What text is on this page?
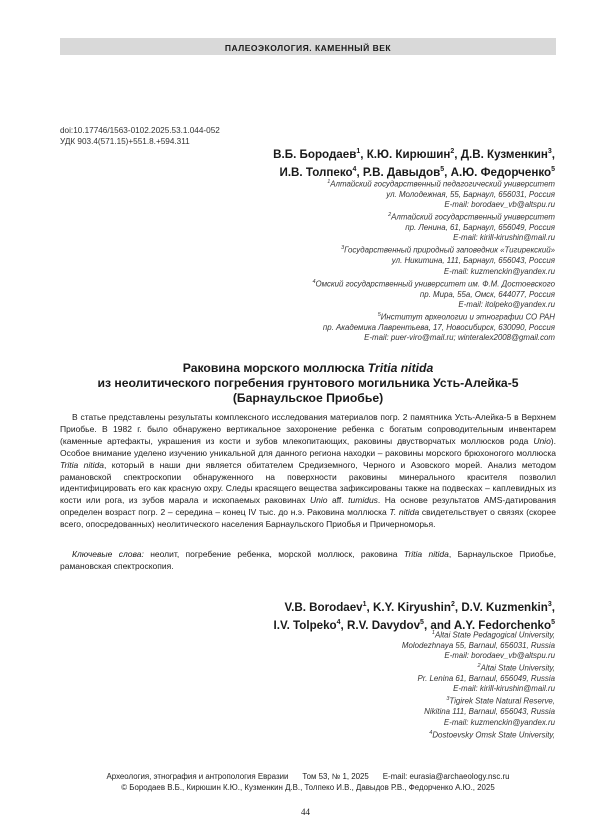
ПАЛЕОЭКОЛОГИЯ. КАМЕННЫЙ ВЕК
doi:10.17746/1563-0102.2025.53.1.044-052
УДК 903.4(571.15)+551.8.+594.311
В.Б. Бородаев$^1$, К.Ю. Кирюшин$^2$, Д.В. Кузменкин$^3$,
И.В. Толпеко$^4$, Р.В. Давыдов$^5$, А.Ю. Федорченко$^5$
$^1$Алтайский государственный педагогический университет
ул. Молодежная, 55, Барнаул, 656031, Россия
E-mail: borodaev_vb@altspu.ru
$^2$Алтайский государственный университет
пр. Ленина, 61, Барнаул, 656049, Россия
E-mail: kirill-kirushin@mail.ru
$^3$Государственный природный заповедник «Тигирекский»
ул. Никитина, 111, Барнаул, 656043, Россия
E-mail: kuzmenckin@yandex.ru
$^4$Омский государственный университет им. Ф.М. Достоевского
пр. Мира, 55а, Омск, 644077, Россия
E-mail: itolpeko@yandex.ru
$^5$Институт археологии и этнографии СО РАН
пр. Академика Лаврентьева, 17, Новосибирск, 630090, Россия
E-mail: puer-viro@mail.ru; winteralex2008@gmail.com
Раковина морского моллюска Tritia nitida
из неолитического погребения грунтового могильника Усть-Алейка-5
(Барнаульское Приобье)

В статье представлены результаты комплексного исследования материалов погр. 2 памятника Усть-Алейка-5 в Верхнем Приобье. В 1982 г. было обнаружено вертикальное захоронение ребенка с богатым сопроводительным инвентарем (каменные артефакты, украшения из кости и зубов млекопитающих, раковины двустворчатых моллюсков рода Unio). Особое внимание уделено изучению уникальной для данного региона находки – раковины морского брюхоногого моллюска Tritia nitida, который в наши дни является обитателем Средиземного, Черного и Азовского морей. Анализ методом рамановской спектроскопии обнаруженного на поверхности раковины минерального красителя позволил идентифицировать его как красную охру. Следы красящего вещества зафиксированы также на подвесках – каплевидных из кости или рога, из зубов марала и ископаемых раковинах Unio aff. tumidus. На основе результатов AMS-датирования определен возраст погр. 2 – середина – конец IV тыс. до н.э. Раковина моллюска T. nitida свидетельствует о связях (скорее всего, опосредованных) неолитического населения Барнаульского Приобья и Причерноморья.

Ключевые слова: неолит, погребение ребенка, морской моллюск, раковина Tritia nitida, Барнаульское Приобье, рамановская спектроскопия.

V.B. Borodaev$^1$, K.Y. Kiryushin$^2$, D.V. Kuzmenkin$^3$,
I.V. Tolpeko$^4$, R.V. Davydov$^5$, and A.Y. Fedorchenko$^5$
$^1$Altai State Pedagogical University,
Molodezhnaya 55, Barnaul, 656031, Russia
E-mail: borodaev_vb@altspu.ru
$^2$Altai State University,
Pr. Lenina 61, Barnaul, 656049, Russia
E-mail: kirill-kirushin@mail.ru
$^3$Tigirek State Natural Reserve,
Nikitina 111, Barnaul, 656043, Russia
E-mail: kuzmenckin@yandex.ru
$^4$Dostoevsky Omsk State University,
Археология, этнография и антропология Евразии Том 53, № 1, 2025 E-mail: eurasia@archaeology.nsc.ru
© Бородаев В.Б., Кирюшин К.Ю., Кузменкин Д.В., Толпеко И.В., Давыдов Р.В., Федорченко А.Ю., 2025
44
